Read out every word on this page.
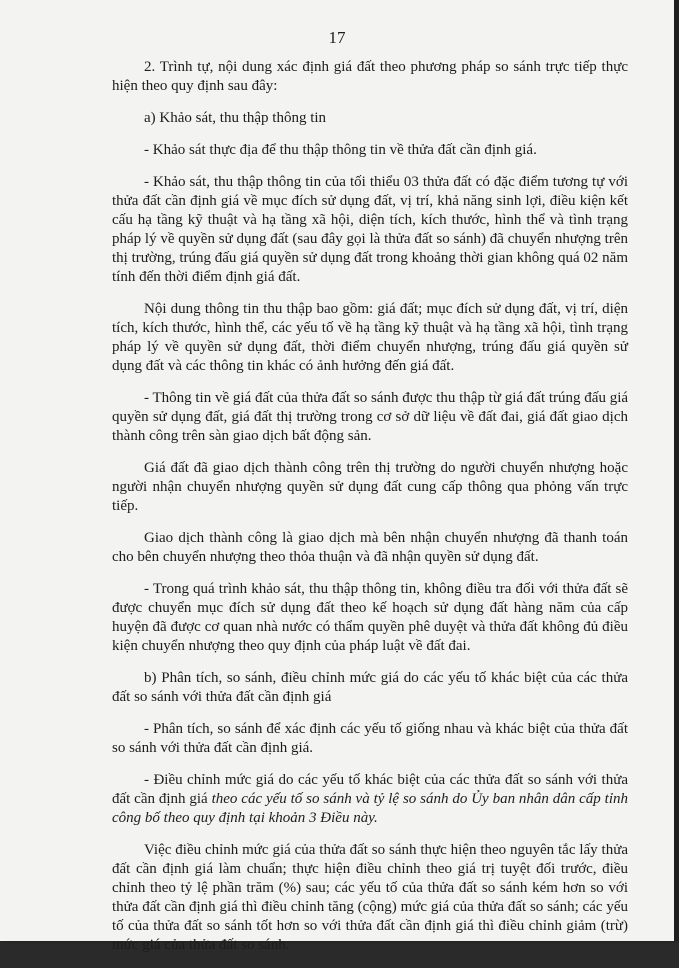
17

2. Trình tự, nội dung xác định giá đất theo phương pháp so sánh trực tiếp thực hiện theo quy định sau đây:

a) Khảo sát, thu thập thông tin

- Khảo sát thực địa để thu thập thông tin về thửa đất cần định giá.

- Khảo sát, thu thập thông tin của tối thiểu 03 thửa đất có đặc điểm tương tự với thửa đất cần định giá về mục đích sử dụng đất, vị trí, khả năng sinh lợi, điều kiện kết cấu hạ tầng kỹ thuật và hạ tầng xã hội, diện tích, kích thước, hình thể và tình trạng pháp lý về quyền sử dụng đất (sau đây gọi là thửa đất so sánh) đã chuyển nhượng trên thị trường, trúng đấu giá quyền sử dụng đất trong khoảng thời gian không quá 02 năm tính đến thời điểm định giá đất.

Nội dung thông tin thu thập bao gồm: giá đất; mục đích sử dụng đất, vị trí, diện tích, kích thước, hình thể, các yếu tố về hạ tầng kỹ thuật và hạ tầng xã hội, tình trạng pháp lý về quyền sử dụng đất, thời điểm chuyển nhượng, trúng đấu giá quyền sử dụng đất và các thông tin khác có ảnh hưởng đến giá đất.

- Thông tin về giá đất của thửa đất so sánh được thu thập từ giá đất trúng đấu giá quyền sử dụng đất, giá đất thị trường trong cơ sở dữ liệu về đất đai, giá đất giao dịch thành công trên sàn giao dịch bất động sản.

Giá đất đã giao dịch thành công trên thị trường do người chuyển nhượng hoặc người nhận chuyển nhượng quyền sử dụng đất cung cấp thông qua phỏng vấn trực tiếp.

Giao dịch thành công là giao dịch mà bên nhận chuyển nhượng đã thanh toán cho bên chuyển nhượng theo thỏa thuận và đã nhận quyền sử dụng đất.

- Trong quá trình khảo sát, thu thập thông tin, không điều tra đối với thửa đất sẽ được chuyển mục đích sử dụng đất theo kế hoạch sử dụng đất hàng năm của cấp huyện đã được cơ quan nhà nước có thẩm quyền phê duyệt và thửa đất không đủ điều kiện chuyển nhượng theo quy định của pháp luật về đất đai.

b) Phân tích, so sánh, điều chỉnh mức giá do các yếu tố khác biệt của các thửa đất so sánh với thửa đất cần định giá

- Phân tích, so sánh để xác định các yếu tố giống nhau và khác biệt của thửa đất so sánh với thửa đất cần định giá.

- Điều chỉnh mức giá do các yếu tố khác biệt của các thửa đất so sánh với thửa đất cần định giá theo các yếu tố so sánh và tỷ lệ so sánh do Ủy ban nhân dân cấp tỉnh công bố theo quy định tại khoản 3 Điều này.

Việc điều chỉnh mức giá của thửa đất so sánh thực hiện theo nguyên tắc lấy thửa đất cần định giá làm chuẩn; thực hiện điều chỉnh theo giá trị tuyệt đối trước, điều chỉnh theo tỷ lệ phần trăm (%) sau; các yếu tố của thửa đất so sánh kém hơn so với thửa đất cần định giá thì điều chỉnh tăng (cộng) mức giá của thửa đất so sánh; các yếu tố của thửa đất so sánh tốt hơn so với thửa đất cần định giá thì điều chỉnh giảm (trừ) mức giá của thửa đất so sánh.
